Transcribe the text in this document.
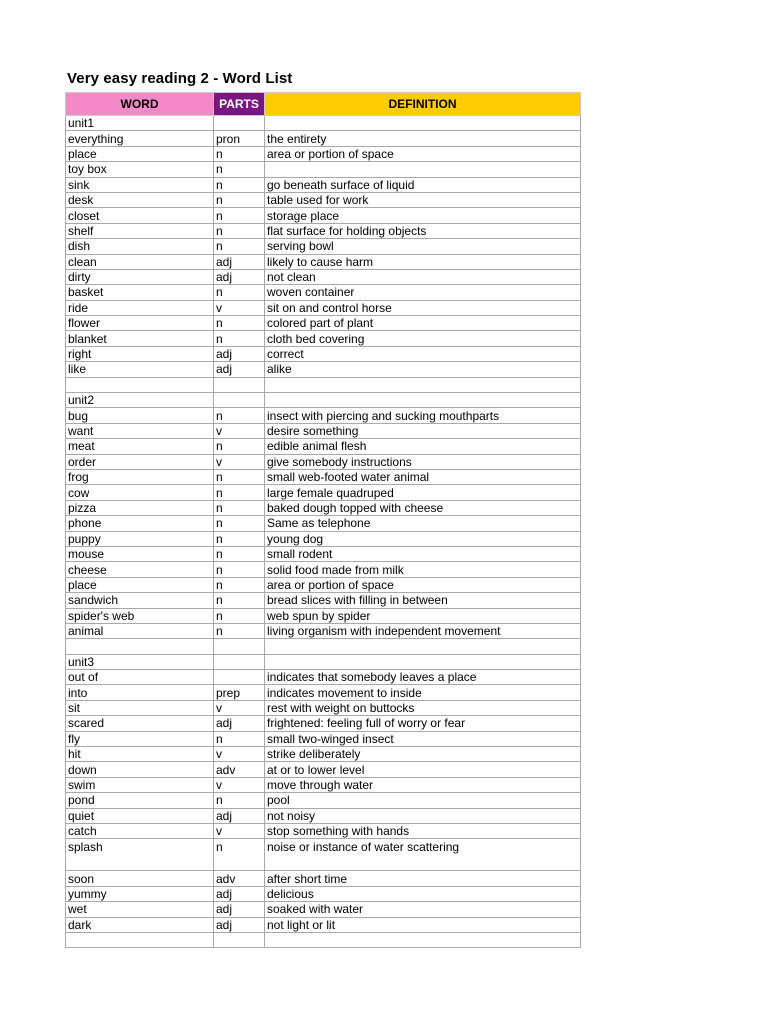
Very easy reading 2 - Word List
WORD	PARTS	DEFINITION
unit1		
everything	pron	the entirety
place	n	area or portion of space
toy box	n	
sink	n	go beneath surface of liquid
desk	n	table used for work
closet	n	storage place
shelf	n	flat surface for holding objects
dish	n	serving bowl
clean	adj	likely to cause harm
dirty	adj	not clean
basket	n	woven container
ride	v	sit on and control horse
flower	n	colored part of plant
blanket	n	cloth bed covering
right	adj	correct
like	adj	alike

unit2		
bug	n	insect with piercing and sucking mouthparts
want	v	desire something
meat	n	edible animal flesh
order	v	give somebody instructions
frog	n	small web-footed water animal
cow	n	large female quadruped
pizza	n	baked dough topped with cheese
phone	n	Same as telephone
puppy	n	young dog
mouse	n	small rodent
cheese	n	solid food made from milk
place	n	area or portion of space
sandwich	n	bread slices with filling in between
spider's web	n	web spun by spider
animal	n	living organism with independent movement

unit3		
out of		indicates that somebody leaves a place
into	prep	indicates movement to inside
sit	v	rest with weight on buttocks
scared	adj	frightened: feeling full of worry or fear
fly	n	small two-winged insect
hit	v	strike deliberately
down	adv	at or to lower level
swim	v	move through water
pond	n	pool
quiet	adj	not noisy
catch	v	stop something with hands
splash	n	noise or instance of water scattering
soon	adv	after short time
yummy	adj	delicious
wet	adj	soaked with water
dark	adj	not light or lit
